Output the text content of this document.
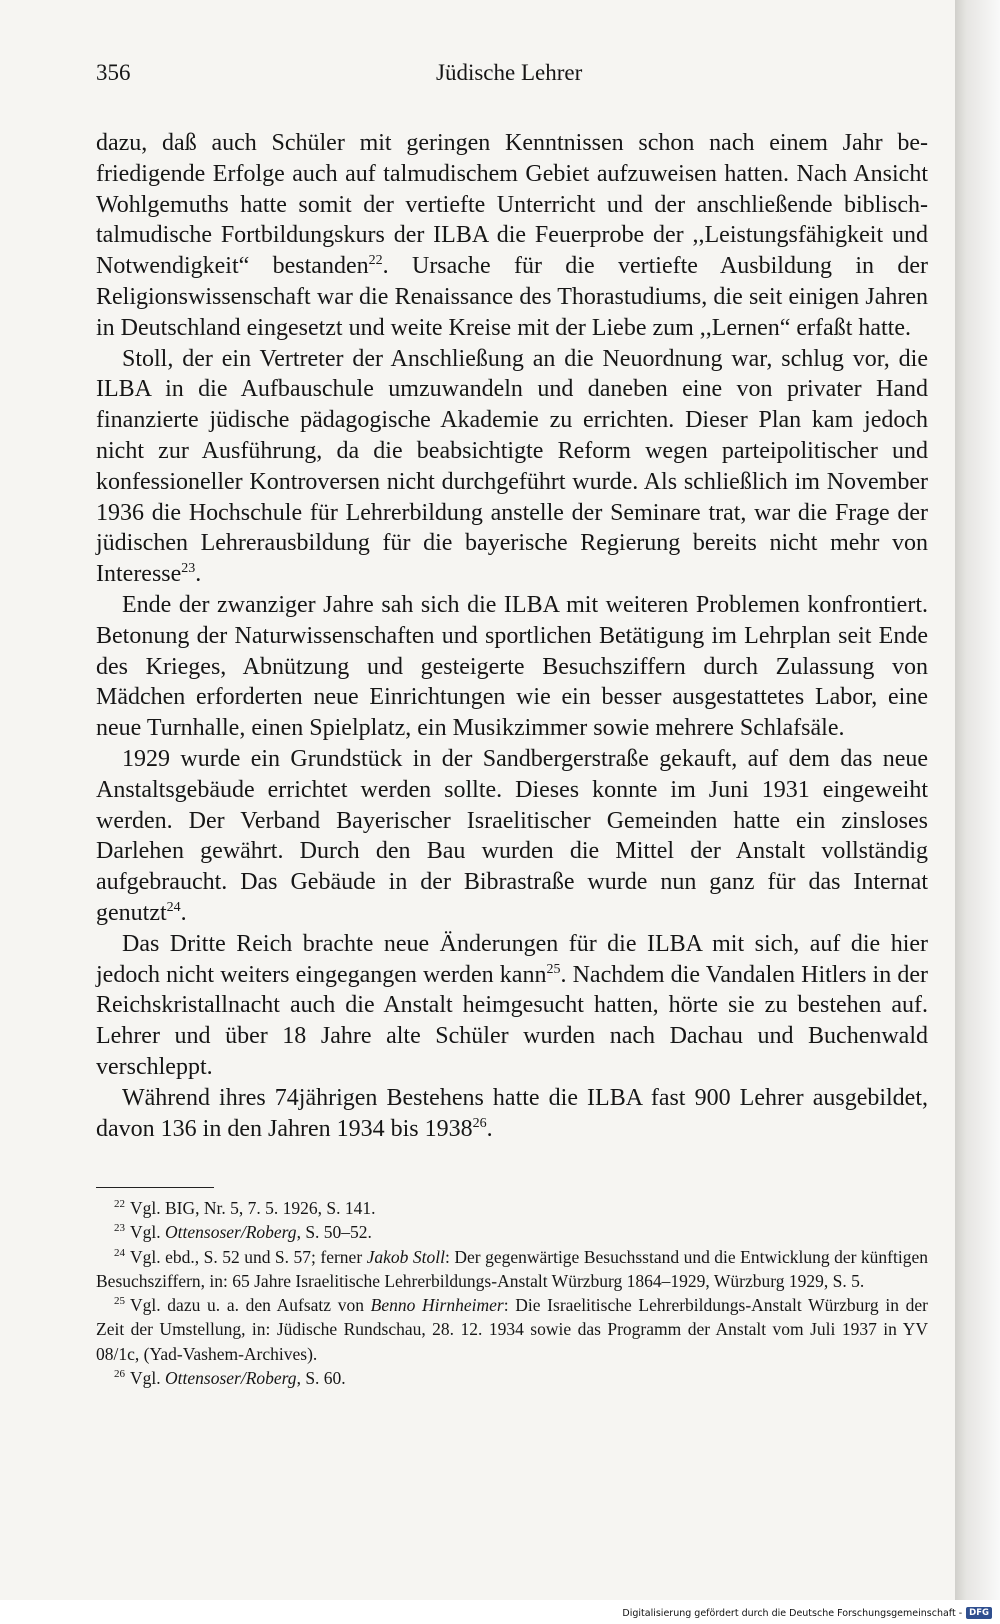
356	Jüdische Lehrer

dazu, daß auch Schüler mit geringen Kenntnissen schon nach einem Jahr befriedigende Erfolge auch auf talmudischem Gebiet aufzuweisen hatten. Nach Ansicht Wohlgemuths hatte somit der vertiefte Unterricht und der anschließende biblisch-talmudische Fortbildungskurs der ILBA die Feuerprobe der ,,Leistungsfähigkeit und Notwendigkeit“ bestanden$^{22}$. Ursache für die vertiefte Ausbildung in der Religionswissenschaft war die Renaissance des Thorastudiums, die seit einigen Jahren in Deutschland eingesetzt und weite Kreise mit der Liebe zum ,,Lernen“ erfaßt hatte.

Stoll, der ein Vertreter der Anschließung an die Neuordnung war, schlug vor, die ILBA in die Aufbauschule umzuwandeln und daneben eine von privater Hand finanzierte jüdische pädagogische Akademie zu errichten. Dieser Plan kam jedoch nicht zur Ausführung, da die beabsichtigte Reform wegen parteipolitischer und konfessioneller Kontroversen nicht durchgeführt wurde. Als schließlich im November 1936 die Hochschule für Lehrerbildung anstelle der Seminare trat, war die Frage der jüdischen Lehrerausbildung für die bayerische Regierung bereits nicht mehr von Interesse$^{23}$.

Ende der zwanziger Jahre sah sich die ILBA mit weiteren Problemen konfrontiert. Betonung der Naturwissenschaften und sportlichen Betätigung im Lehrplan seit Ende des Krieges, Abnützung und gesteigerte Besuchsziffern durch Zulassung von Mädchen erforderten neue Einrichtungen wie ein besser ausgestattetes Labor, eine neue Turnhalle, einen Spielplatz, ein Musikzimmer sowie mehrere Schlafsäle.

1929 wurde ein Grundstück in der Sandbergerstraße gekauft, auf dem das neue Anstaltsgebäude errichtet werden sollte. Dieses konnte im Juni 1931 eingeweiht werden. Der Verband Bayerischer Israelitischer Gemeinden hatte ein zinsloses Darlehen gewährt. Durch den Bau wurden die Mittel der Anstalt vollständig aufgebraucht. Das Gebäude in der Bibrastraße wurde nun ganz für das Internat genutzt$^{24}$.

Das Dritte Reich brachte neue Änderungen für die ILBA mit sich, auf die hier jedoch nicht weiters eingegangen werden kann$^{25}$. Nachdem die Vandalen Hitlers in der Reichskristallnacht auch die Anstalt heimgesucht hatten, hörte sie zu bestehen auf. Lehrer und über 18 Jahre alte Schüler wurden nach Dachau und Buchenwald verschleppt.

Während ihres 74jährigen Bestehens hatte die ILBA fast 900 Lehrer ausgebildet, davon 136 in den Jahren 1934 bis 1938$^{26}$.

$^{22}$ Vgl. BIG, Nr. 5, 7. 5. 1926, S. 141.

$^{23}$ Vgl. Ottensoser/Roberg, S. 50–52.

$^{24}$ Vgl. ebd., S. 52 und S. 57; ferner Jakob Stoll: Der gegenwärtige Besuchsstand und die Entwicklung der künftigen Besuchsziffern, in: 65 Jahre Israelitische Lehrerbildungs-Anstalt Würzburg 1864–1929, Würzburg 1929, S. 5.

$^{25}$ Vgl. dazu u. a. den Aufsatz von Benno Hirnheimer: Die Israelitische Lehrerbildungs-Anstalt Würzburg in der Zeit der Umstellung, in: Jüdische Rundschau, 28. 12. 1934 sowie das Programm der Anstalt vom Juli 1937 in YV 08/1c, (Yad-Vashem-Archives).

$^{26}$ Vgl. Ottensoser/Roberg, S. 60.

Digitalisierung gefördert durch die Deutsche Forschungsgemeinschaft - DFG
